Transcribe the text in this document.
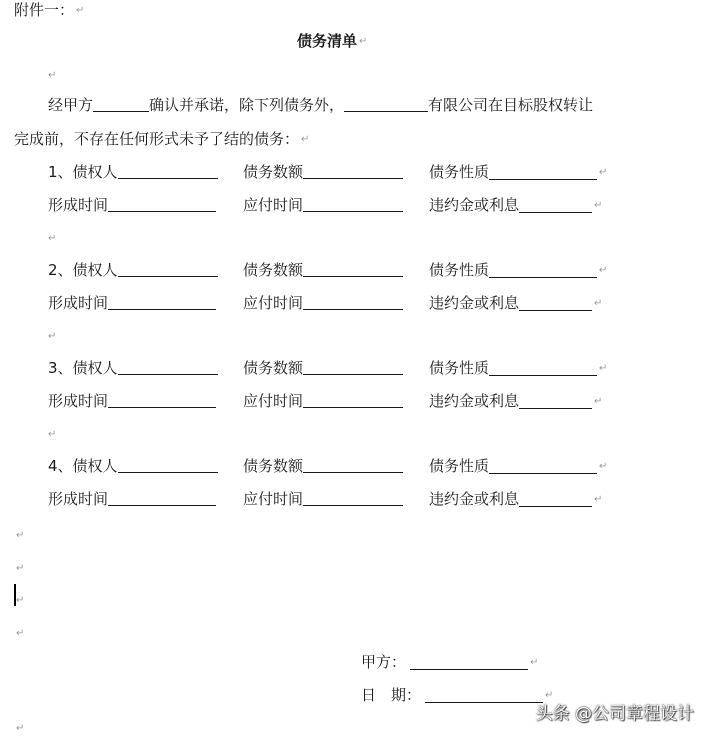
附件一： ↵
债务清单 ↵
↵
经甲方	确认并承诺，除下列债务外，	有限公司在目标股权转让
完成前，不存在任何形式未予了结的债务： ↵
1、债权人	债务数额	债务性质	↵
形成时间	应付时间	违约金或利息	↵
↵
2、债权人	债务数额	债务性质	↵
形成时间	应付时间	违约金或利息	↵
↵
3、债权人	债务数额	债务性质	↵
形成时间	应付时间	违约金或利息	↵
↵
4、债权人	债务数额	债务性质	↵
形成时间	应付时间	违约金或利息	↵
↵
↵
↵
↵
甲方：	↵
日　期：	↵
↵
头条 @公司章程设计
